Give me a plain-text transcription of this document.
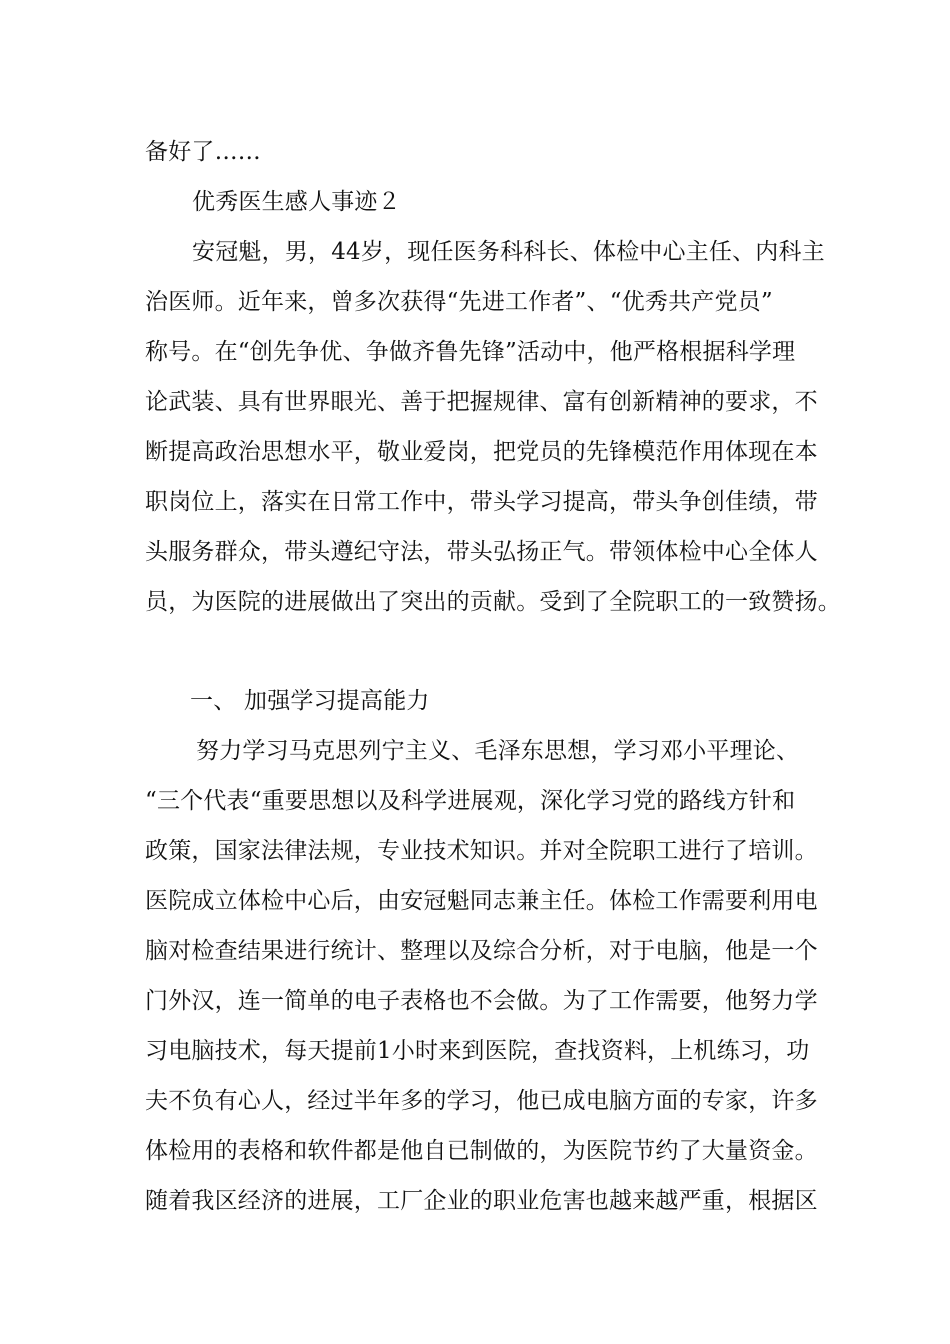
备好了……
优秀医生感人事迹２
安冠魁，男，44岁，现任医务科科长、体检中心主任、内科主
治医师。近年来，曾多次获得“先进工作者”、“优秀共产党员”
称号。在“创先争优、争做齐鲁先锋”活动中，他严格根据科学理
论武装、具有世界眼光、善于把握规律、富有创新精神的要求，不
断提高政治思想水平，敬业爱岗，把党员的先锋模范作用体现在本
职岗位上，落实在日常工作中，带头学习提高，带头争创佳绩，带
头服务群众，带头遵纪守法，带头弘扬正气。带领体检中心全体人
员，为医院的进展做出了突出的贡献。受到了全院职工的一致赞扬。
一、 加强学习提高能力
努力学习马克思列宁主义、毛泽东思想，学习邓小平理论、
“三个代表“重要思想以及科学进展观，深化学习党的路线方针和
政策，国家法律法规，专业技术知识。并对全院职工进行了培训。
医院成立体检中心后，由安冠魁同志兼主任。体检工作需要利用电
脑对检查结果进行统计、整理以及综合分析，对于电脑，他是一个
门外汉，连一简单的电子表格也不会做。为了工作需要，他努力学
习电脑技术，每天提前1小时来到医院，查找资料，上机练习，功
夫不负有心人，经过半年多的学习，他已成电脑方面的专家，许多
体检用的表格和软件都是他自已制做的，为医院节约了大量资金。
随着我区经济的进展，工厂企业的职业危害也越来越严重，根据区
